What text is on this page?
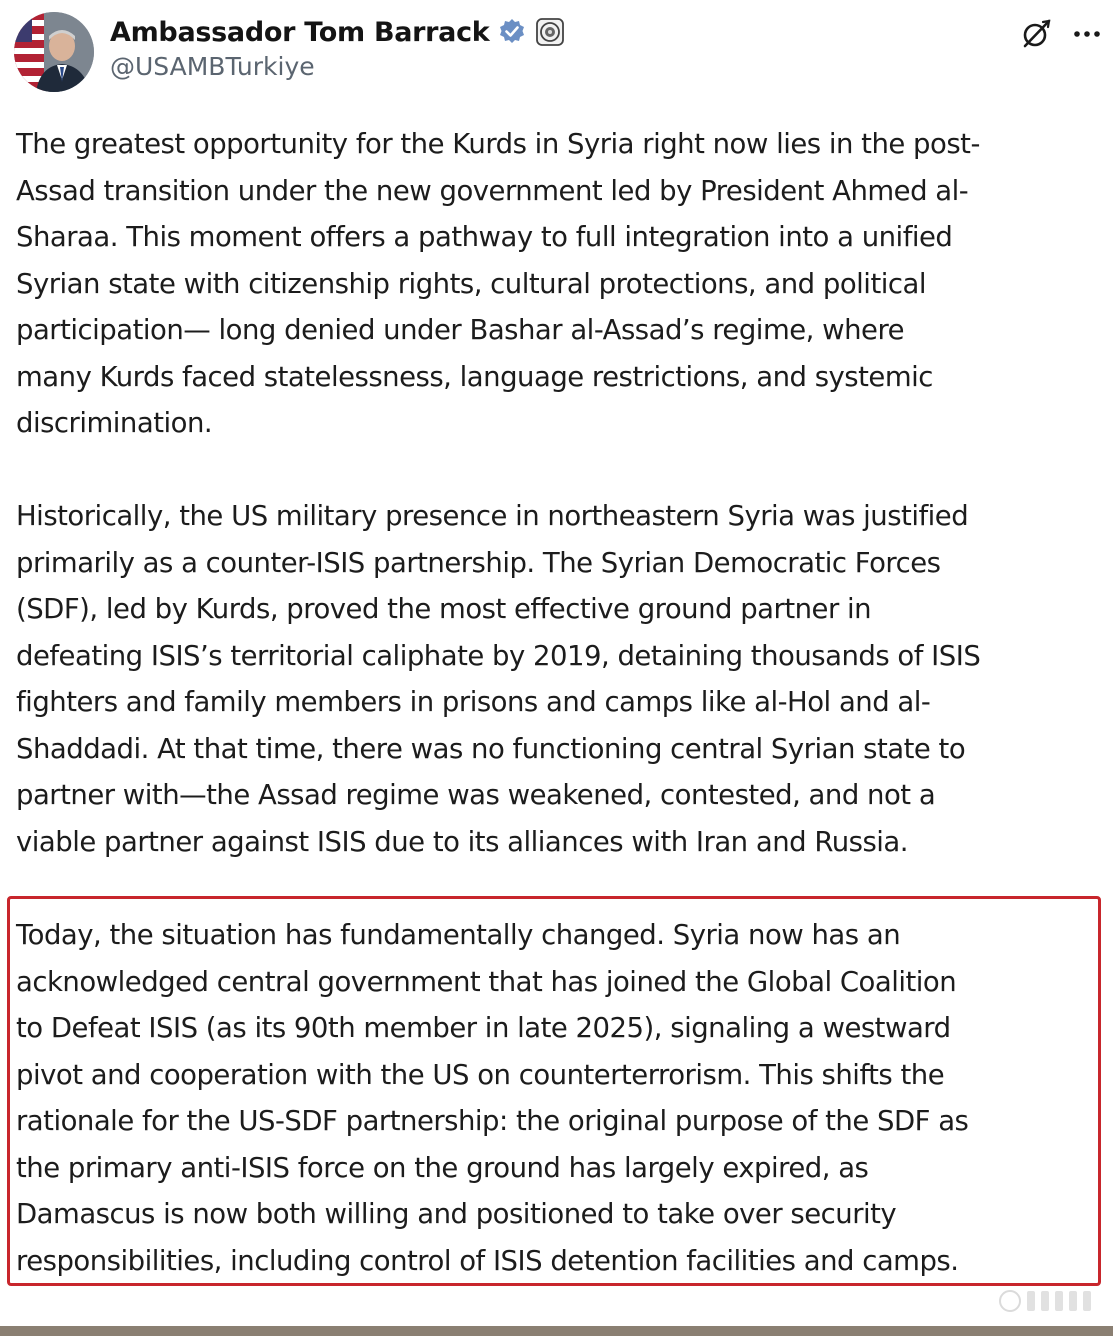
Ambassador Tom Barrack
@USAMBTurkiye
The greatest opportunity for the Kurds in Syria right now lies in the post-
Assad transition under the new government led by President Ahmed al-
Sharaa. This moment offers a pathway to full integration into a unified
Syrian state with citizenship rights, cultural protections, and political
participation— long denied under Bashar al-Assad’s regime, where
many Kurds faced statelessness, language restrictions, and systemic
discrimination.
Historically, the US military presence in northeastern Syria was justified
primarily as a counter-ISIS partnership. The Syrian Democratic Forces
(SDF), led by Kurds, proved the most effective ground partner in
defeating ISIS’s territorial caliphate by 2019, detaining thousands of ISIS
fighters and family members in prisons and camps like al-Hol and al-
Shaddadi. At that time, there was no functioning central Syrian state to
partner with—the Assad regime was weakened, contested, and not a
viable partner against ISIS due to its alliances with Iran and Russia.
Today, the situation has fundamentally changed. Syria now has an
acknowledged central government that has joined the Global Coalition
to Defeat ISIS (as its 90th member in late 2025), signaling a westward
pivot and cooperation with the US on counterterrorism. This shifts the
rationale for the US-SDF partnership: the original purpose of the SDF as
the primary anti-ISIS force on the ground has largely expired, as
Damascus is now both willing and positioned to take over security
responsibilities, including control of ISIS detention facilities and camps.
